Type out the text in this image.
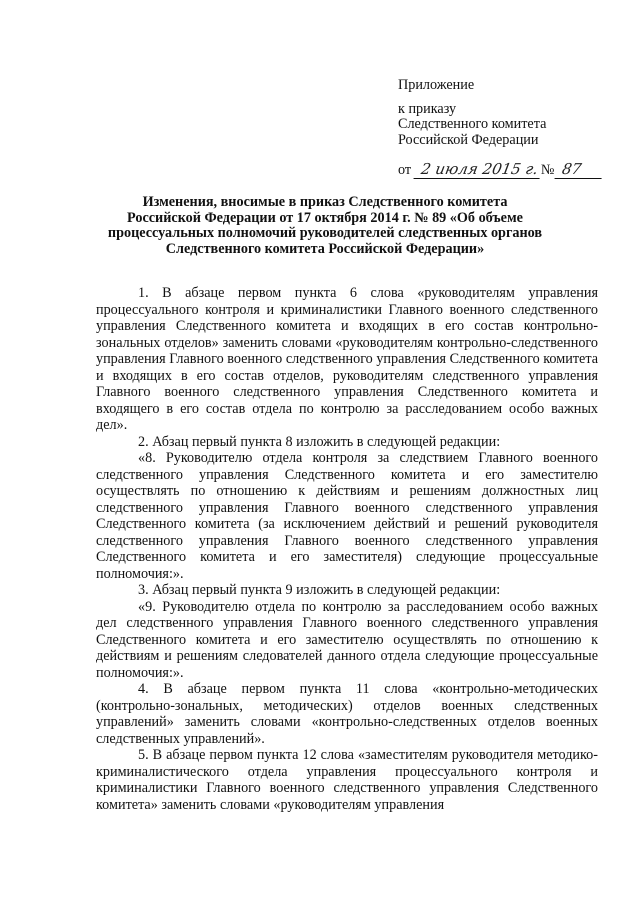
Приложение
к приказу
Следственного комитета
Российской Федерации
от 2 июля 2015 г. № 87
Изменения, вносимые в приказ Следственного комитета
Российской Федерации от 17 октября 2014 г. № 89 «Об объеме
процессуальных полномочий руководителей следственных органов
Следственного комитета Российской Федерации»

1. В абзаце первом пункта 6 слова «руководителям управления процессуального контроля и криминалистики Главного военного следственного управления Следственного комитета и входящих в его состав контрольно-зональных отделов» заменить словами «руководителям контрольно-следственного управления Главного военного следственного управления Следственного комитета и входящих в его состав отделов, руководителям следственного управления Главного военного следственного управления Следственного комитета и входящего в его состав отдела по контролю за расследованием особо важных дел».

2. Абзац первый пункта 8 изложить в следующей редакции:

«8. Руководителю отдела контроля за следствием Главного военного следственного управления Следственного комитета и его заместителю осуществлять по отношению к действиям и решениям должностных лиц следственного управления Главного военного следственного управления Следственного комитета (за исключением действий и решений руководителя следственного управления Главного военного следственного управления Следственного комитета и его заместителя) следующие процессуальные полномочия:».

3. Абзац первый пункта 9 изложить в следующей редакции:

«9. Руководителю отдела по контролю за расследованием особо важных дел следственного управления Главного военного следственного управления Следственного комитета и его заместителю осуществлять по отношению к действиям и решениям следователей данного отдела следующие процессуальные полномочия:».

4. В абзаце первом пункта 11 слова «контрольно-методических (контрольно-зональных, методических) отделов военных следственных управлений» заменить словами «контрольно-следственных отделов военных следственных управлений».

5. В абзаце первом пункта 12 слова «заместителям руководителя методико-криминалистического отдела управления процессуального контроля и криминалистики Главного военного следственного управления Следственного комитета» заменить словами «руководителям управления
